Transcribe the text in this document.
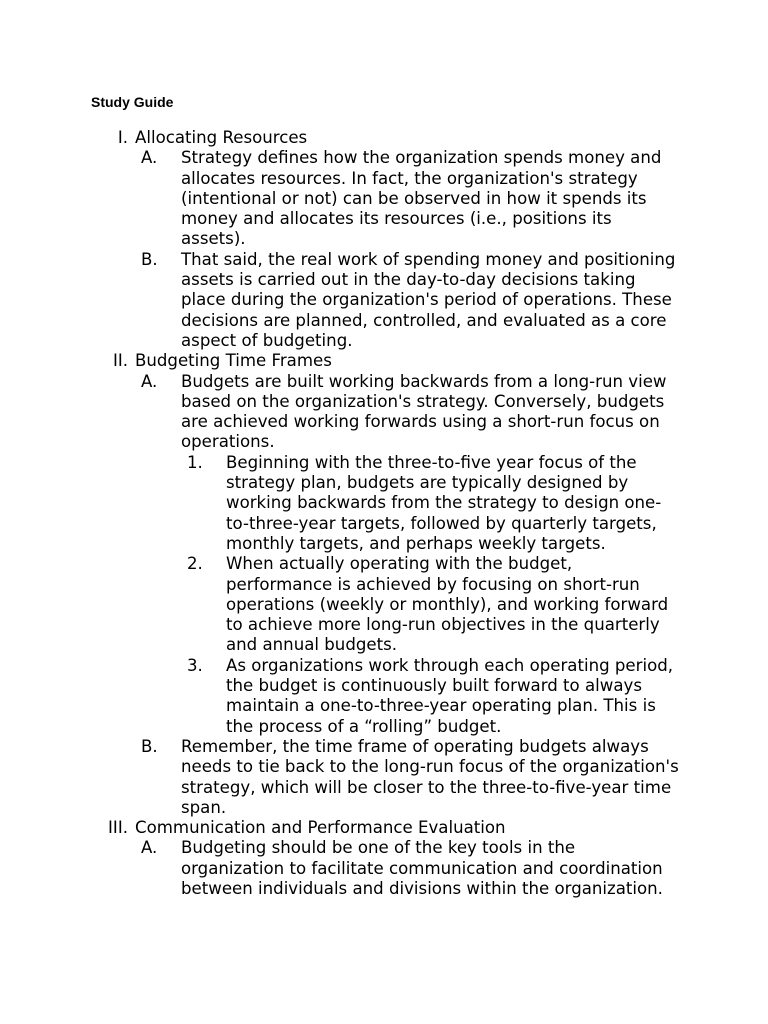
Study Guide
I. Allocating Resources
A. Strategy defines how the organization spends money and allocates resources. In fact, the organization's strategy (intentional or not) can be observed in how it spends its money and allocates its resources (i.e., positions its assets).
B. That said, the real work of spending money and positioning assets is carried out in the day-to-day decisions taking place during the organization's period of operations. These decisions are planned, controlled, and evaluated as a core aspect of budgeting.
II. Budgeting Time Frames
A. Budgets are built working backwards from a long-run view based on the organization's strategy. Conversely, budgets are achieved working forwards using a short-run focus on operations.
1. Beginning with the three-to-five year focus of the strategy plan, budgets are typically designed by working backwards from the strategy to design one-to-three-year targets, followed by quarterly targets, monthly targets, and perhaps weekly targets.
2. When actually operating with the budget, performance is achieved by focusing on short-run operations (weekly or monthly), and working forward to achieve more long-run objectives in the quarterly and annual budgets.
3. As organizations work through each operating period, the budget is continuously built forward to always maintain a one-to-three-year operating plan. This is the process of a “rolling” budget.
B. Remember, the time frame of operating budgets always needs to tie back to the long-run focus of the organization's strategy, which will be closer to the three-to-five-year time span.
III. Communication and Performance Evaluation
A. Budgeting should be one of the key tools in the organization to facilitate communication and coordination between individuals and divisions within the organization.
